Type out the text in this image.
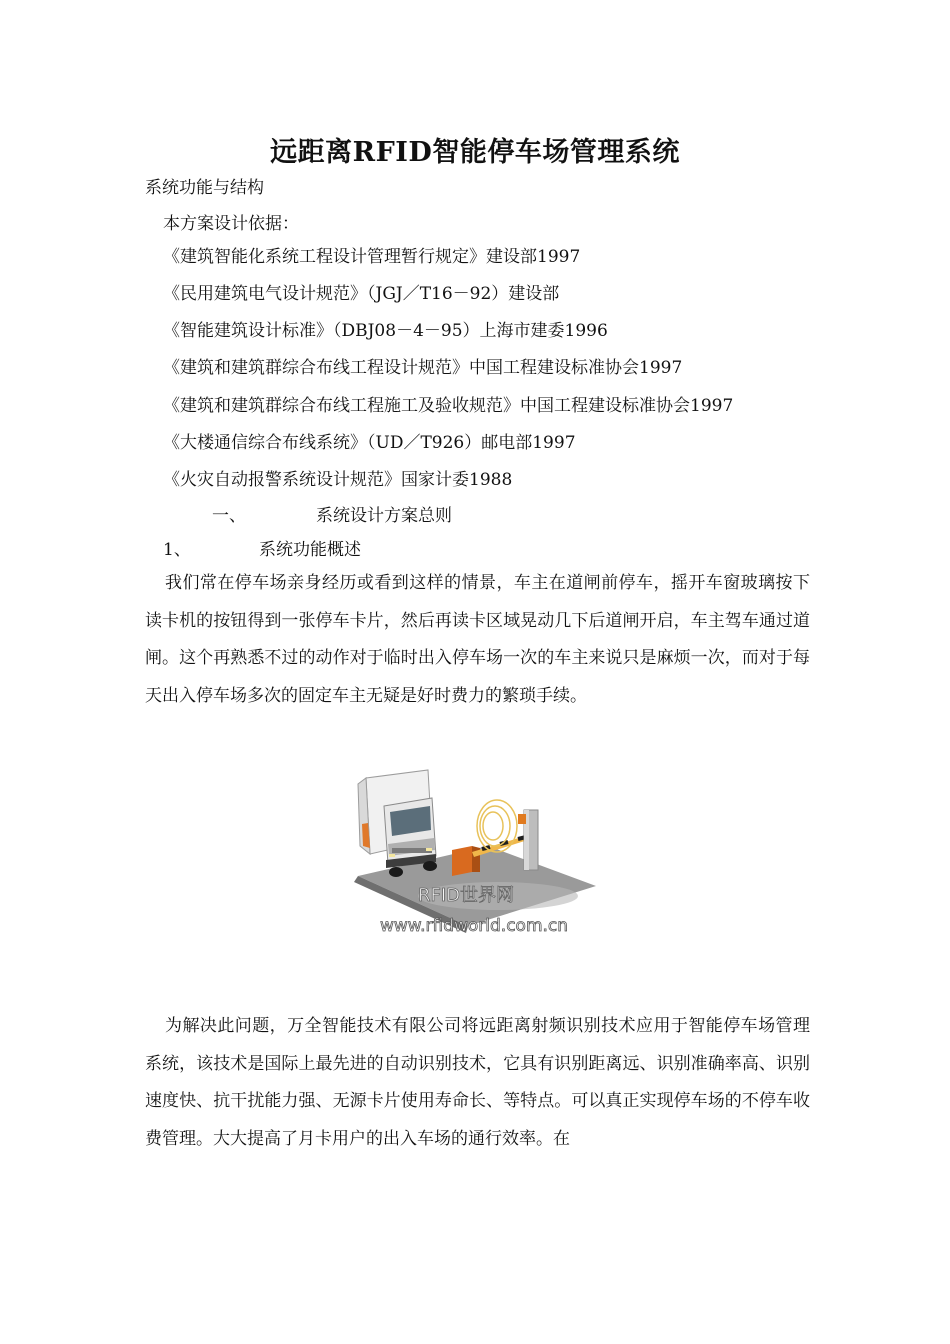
远距离RFID智能停车场管理系统
系统功能与结构
本方案设计依据：
《建筑智能化系统工程设计管理暂行规定》建设部1997
《民用建筑电气设计规范》（JGJ／T16－92）建设部
《智能建筑设计标准》（DBJ08－4－95）上海市建委1996
《建筑和建筑群综合布线工程设计规范》中国工程建设标准协会1997
《建筑和建筑群综合布线工程施工及验收规范》中国工程建设标准协会1997
《大楼通信综合布线系统》（UD／T926）邮电部1997
《火灾自动报警系统设计规范》国家计委1988
一、	系统设计方案总则
1、	系统功能概述
我们常在停车场亲身经历或看到这样的情景，车主在道闸前停车，摇开车窗玻璃按下读卡机的按钮得到一张停车卡片，然后再读卡区域晃动几下后道闸开启，车主驾车通过道闸。这个再熟悉不过的动作对于临时出入停车场一次的车主来说只是麻烦一次，而对于每天出入停车场多次的固定车主无疑是好时费力的繁琐手续。
RFID世界网
www.rfidworld.com.cn
为解决此问题，万全智能技术有限公司将远距离射频识别技术应用于智能停车场管理系统，该技术是国际上最先进的自动识别技术，它具有识别距离远、识别准确率高、识别速度快、抗干扰能力强、无源卡片使用寿命长、等特点。可以真正实现停车场的不停车收费管理。大大提高了月卡用户的出入车场的通行效率。在
